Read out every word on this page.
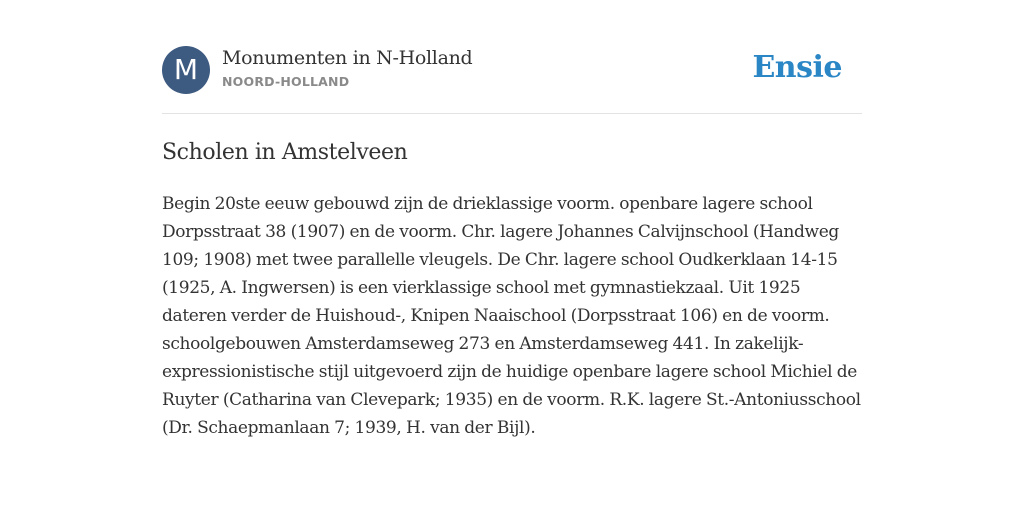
M	Monumenten in N-Holland
NOORD-HOLLAND	Ensie
Scholen in Amstelveen
Begin 20ste eeuw gebouwd zijn de drieklassige voorm. openbare lagere school Dorpsstraat 38 (1907) en de voorm. Chr. lagere Johannes Calvijnschool (Handweg 109; 1908) met twee parallelle vleugels. De Chr. lagere school Oudkerklaan 14-15 (1925, A. Ingwersen) is een vierklassige school met gymnastiekzaal. Uit 1925 dateren verder de Huishoud-, Knipen Naaischool (Dorpsstraat 106) en de voorm. schoolgebouwen Amsterdamseweg 273 en Amsterdamseweg 441. In zakelijk-expressionistische stijl uitgevoerd zijn de huidige openbare lagere school Michiel de Ruyter (Catharina van Clevepark; 1935) en de voorm. R.K. lagere St.-Antoniusschool (Dr. Schaepmanlaan 7; 1939, H. van der Bijl).
